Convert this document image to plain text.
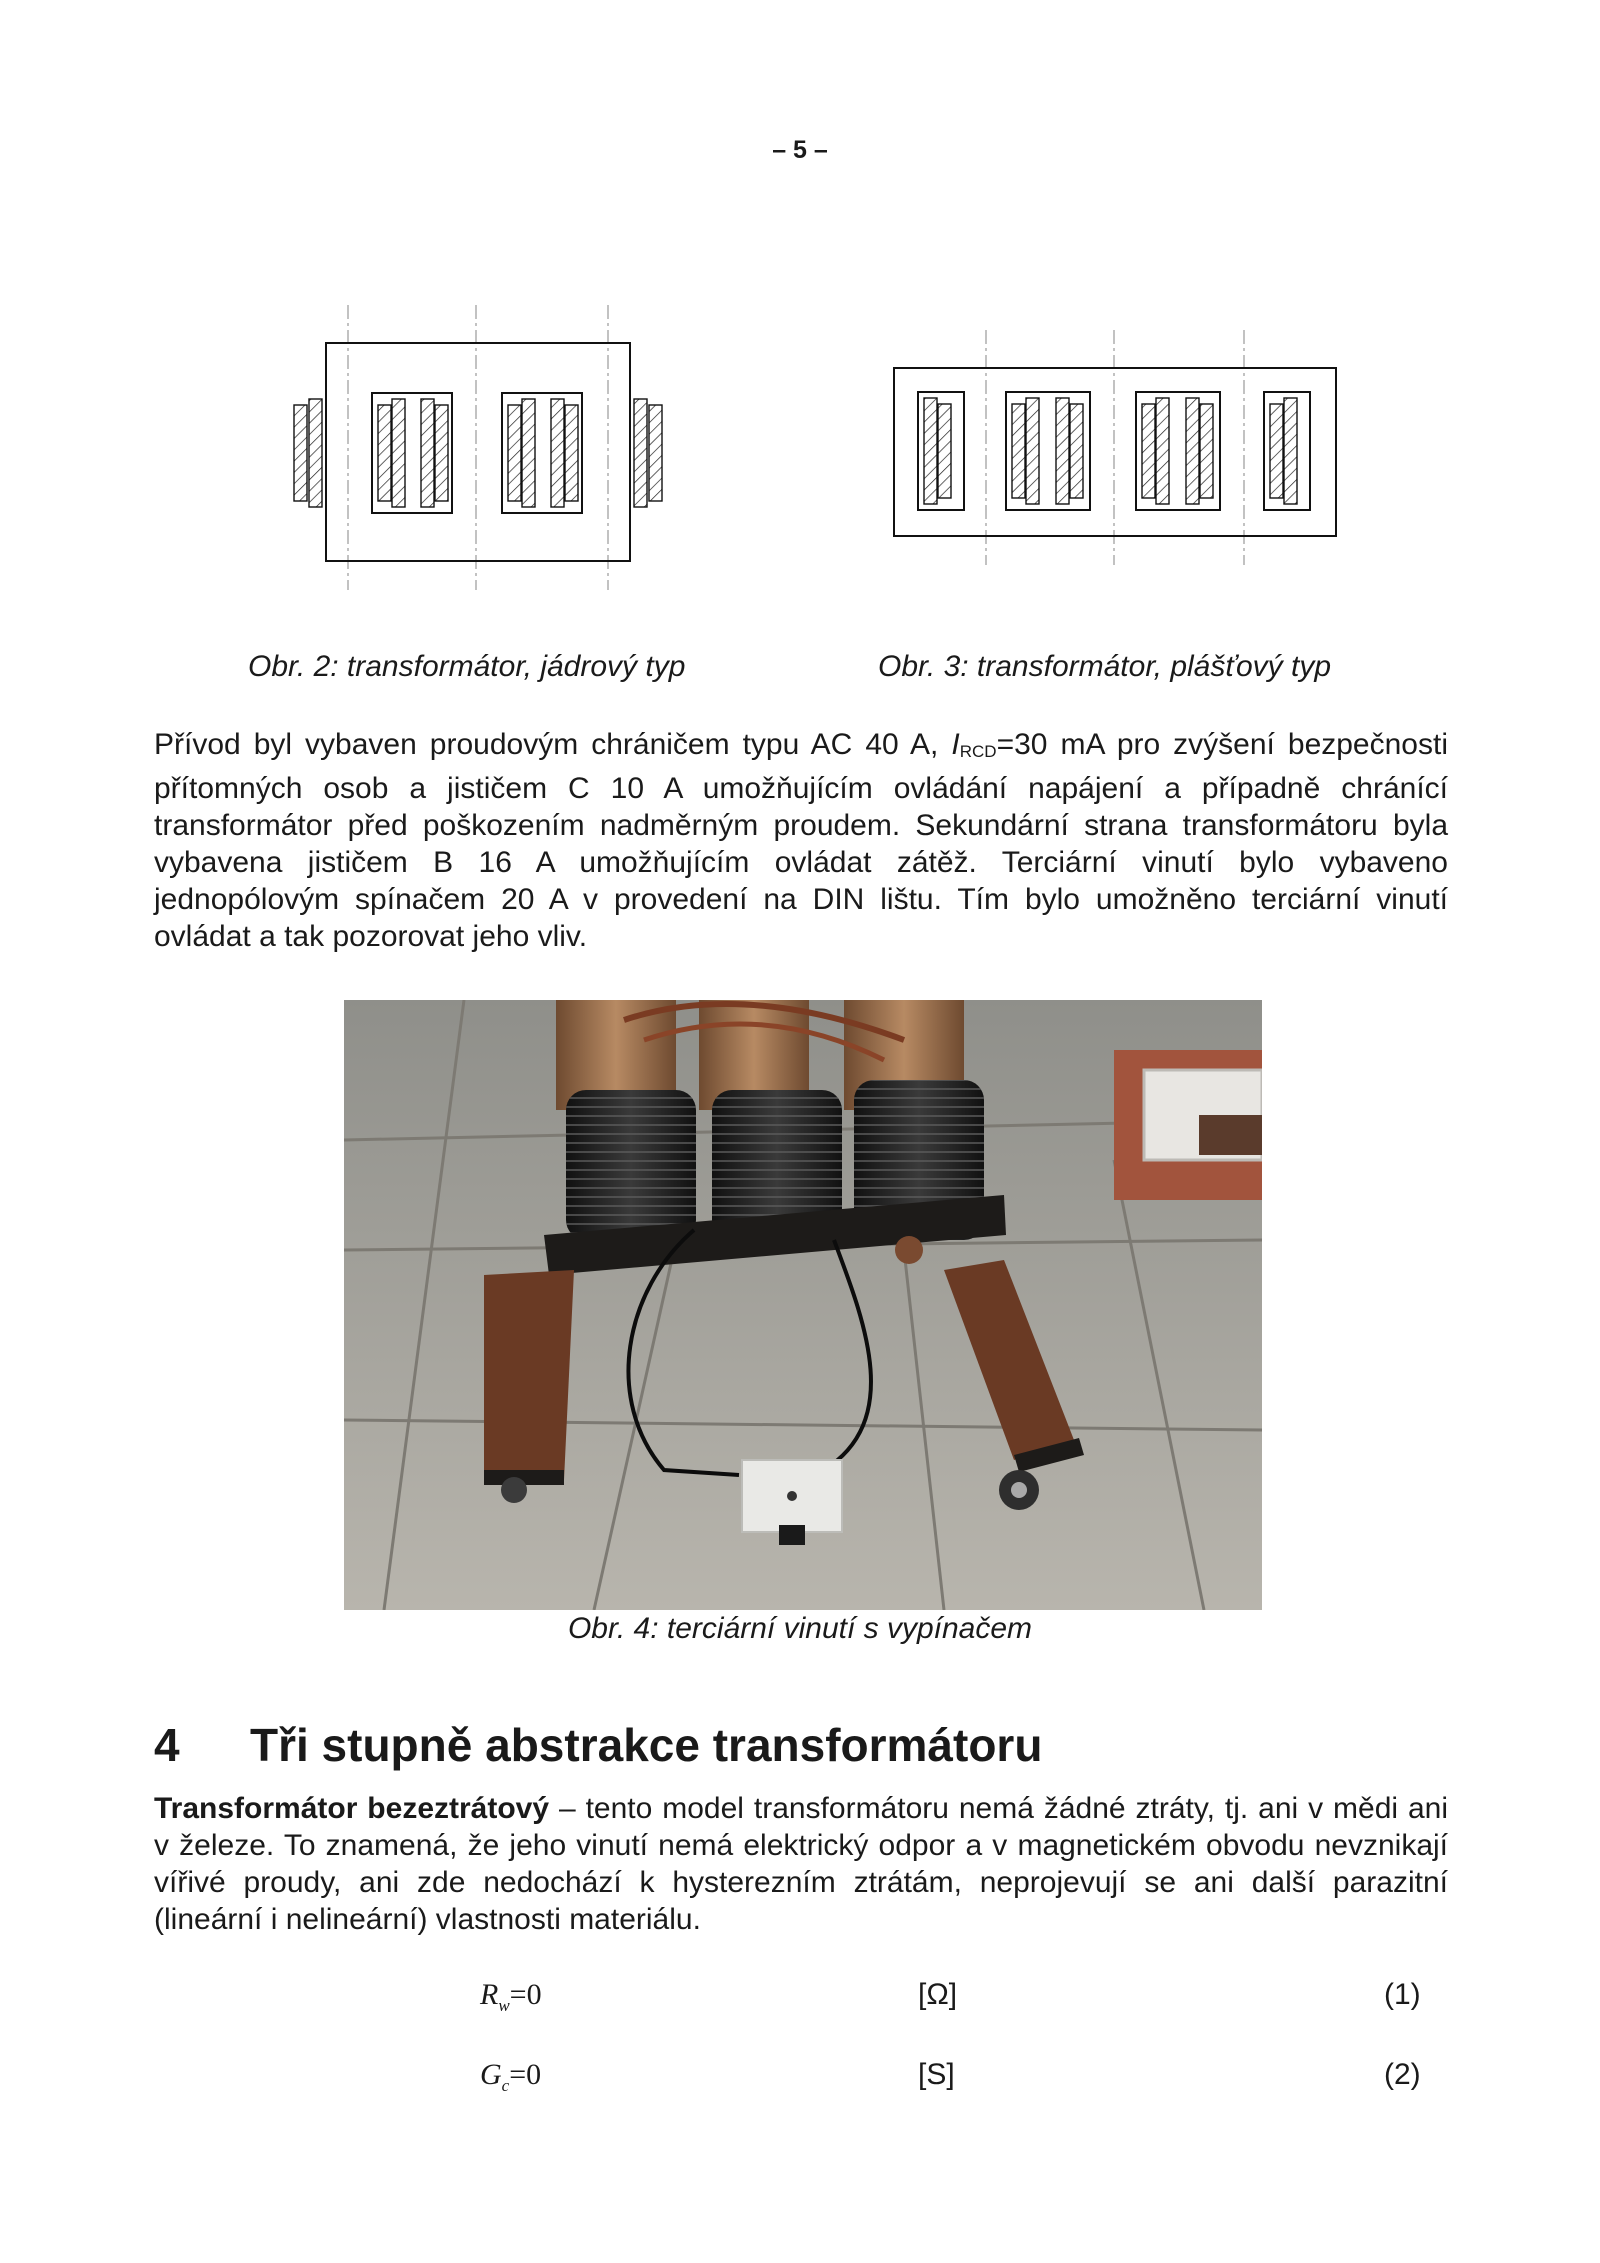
– 5 –
Obr. 2: transformátor, jádrový typ	Obr. 3: transformátor, plášťový typ

Přívod byl vybaven proudovým chráničem typu AC 40 A, IRCD=30 mA pro zvýšení bezpečnosti přítomných osob a jističem C 10 A umožňujícím ovládání napájení a případně chránící transformátor před poškozením nadměrným proudem. Sekundární strana transformátoru byla vybavena jističem B 16 A umožňujícím ovládat zátěž. Terciární vinutí bylo vybaveno jednopólovým spínačem 20 A v provedení na DIN lištu. Tím bylo umožněno terciární vinutí ovládat a tak pozorovat jeho vliv.

Obr. 4: terciární vinutí s vypínačem
4 Tři stupně abstrakce transformátoru

Transformátor bezeztrátový – tento model transformátoru nemá žádné ztráty, tj. ani v mědi ani v železe. To znamená, že jeho vinutí nemá elektrický odpor a v magnetickém obvodu nevznikají vířivé proudy, ani zde nedochází k hysterezním ztrátám, neprojevují se ani další parazitní (lineární i nelineární) vlastnosti materiálu.

$R_w=0$	[Ω]	(1)
$G_c=0$	[S]	(2)
